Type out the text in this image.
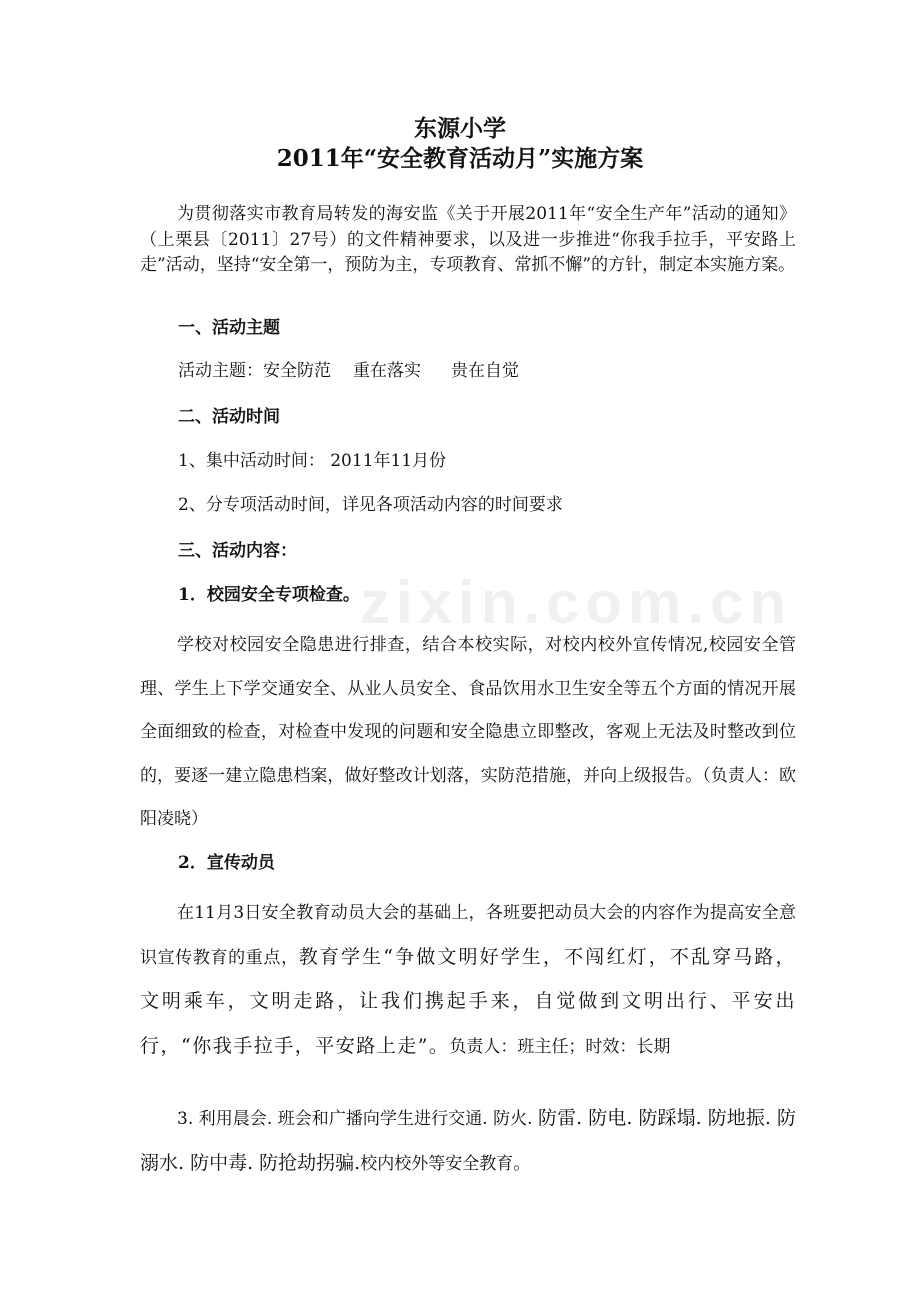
zixin.com.cn
东源小学
2011年“安全教育活动月”实施方案
为贯彻落实市教育局转发的海安监《关于开展2011年“安全生产年”活动的通知》（上栗县〔2011〕27号）的文件精神要求，以及进一步推进“你我手拉手，平安路上走”活动，坚持“安全第一，预防为主，专项教育、常抓不懈”的方针，制定本实施方案。
一、活动主题
活动主题：安全防范 重在落实 贵在自觉
二、活动时间
1、集中活动时间： 2011年11月份
2、分专项活动时间，详见各项活动内容的时间要求
三、活动内容：
1．校园安全专项检查。
学校对校园安全隐患进行排查，结合本校实际，对校内校外宣传情况,校园安全管理、学生上下学交通安全、从业人员安全、食品饮用水卫生安全等五个方面的情况开展全面细致的检查，对检查中发现的问题和安全隐患立即整改，客观上无法及时整改到位的，要逐一建立隐患档案，做好整改计划落，实防范措施，并向上级报告。（负责人：欧阳凌晓）
2．宣传动员
在11月3日安全教育动员大会的基础上，各班要把动员大会的内容作为提高安全意识宣传教育的重点，教育学生“争做文明好学生，不闯红灯，不乱穿马路，文明乘车，文明走路，让我们携起手来，自觉做到文明出行、平安出行，“你我手拉手，平安路上走”。负责人：班主任；时效：长期
3. 利用晨会. 班会和广播向学生进行交通. 防火. 防雷. 防电. 防踩塌. 防地振. 防溺水. 防中毒. 防抢劫拐骗.校内校外等安全教育。
